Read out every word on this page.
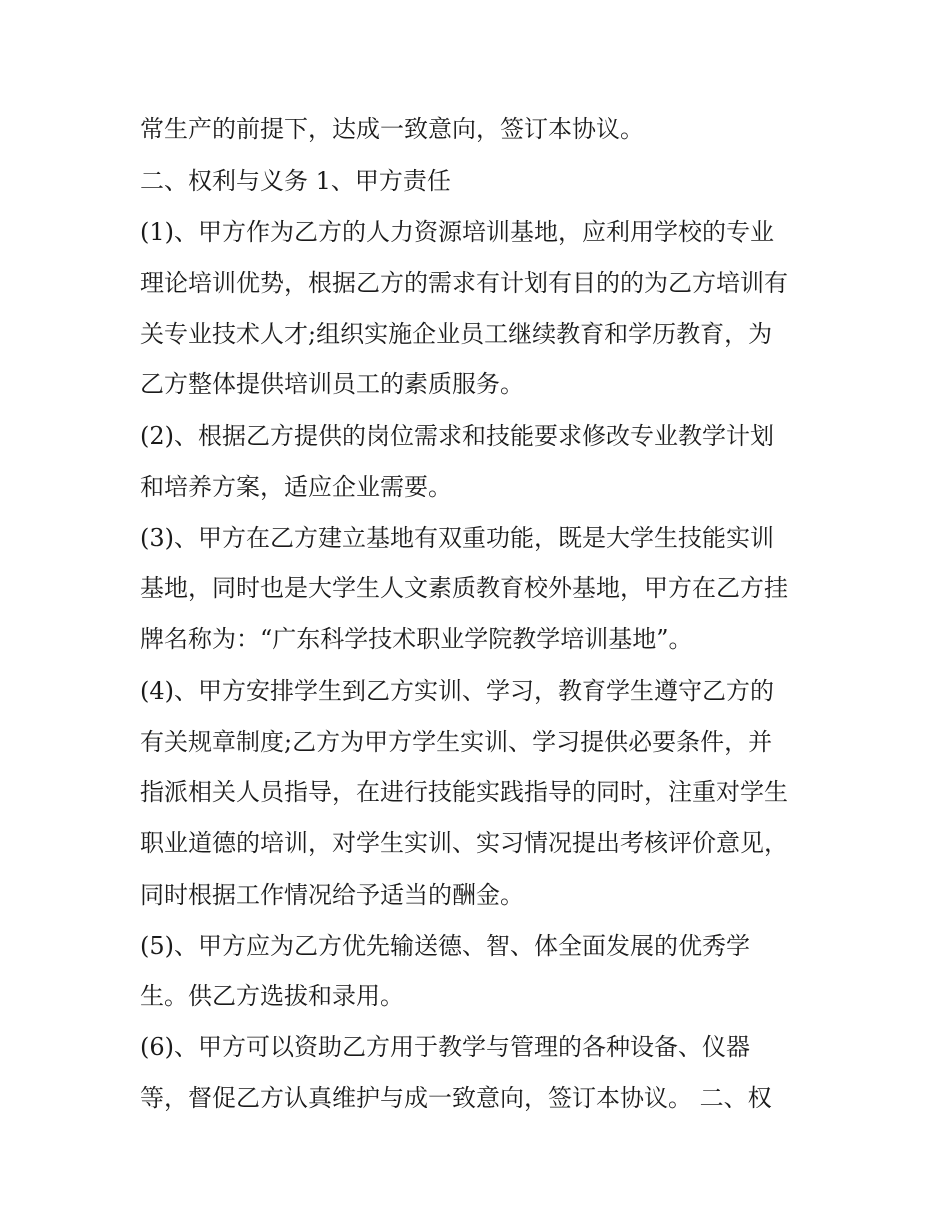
常生产的前提下，达成一致意向，签订本协议。
二、权利与义务 1、甲方责任
(1)、甲方作为乙方的人力资源培训基地，应利用学校的专业
理论培训优势，根据乙方的需求有计划有目的的为乙方培训有
关专业技术人才;组织实施企业员工继续教育和学历教育，为
乙方整体提供培训员工的素质服务。
(2)、根据乙方提供的岗位需求和技能要求修改专业教学计划
和培养方案，适应企业需要。
(3)、甲方在乙方建立基地有双重功能，既是大学生技能实训
基地，同时也是大学生人文素质教育校外基地，甲方在乙方挂
牌名称为：“广东科学技术职业学院教学培训基地”。
(4)、甲方安排学生到乙方实训、学习，教育学生遵守乙方的
有关规章制度;乙方为甲方学生实训、学习提供必要条件，并
指派相关人员指导，在进行技能实践指导的同时，注重对学生
职业道德的培训，对学生实训、实习情况提出考核评价意见，
同时根据工作情况给予适当的酬金。
(5)、甲方应为乙方优先输送德、智、体全面发展的优秀学
生。供乙方选拔和录用。
(6)、甲方可以资助乙方用于教学与管理的各种设备、仪器
等，督促乙方认真维护与成一致意向，签订本协议。 二、权
